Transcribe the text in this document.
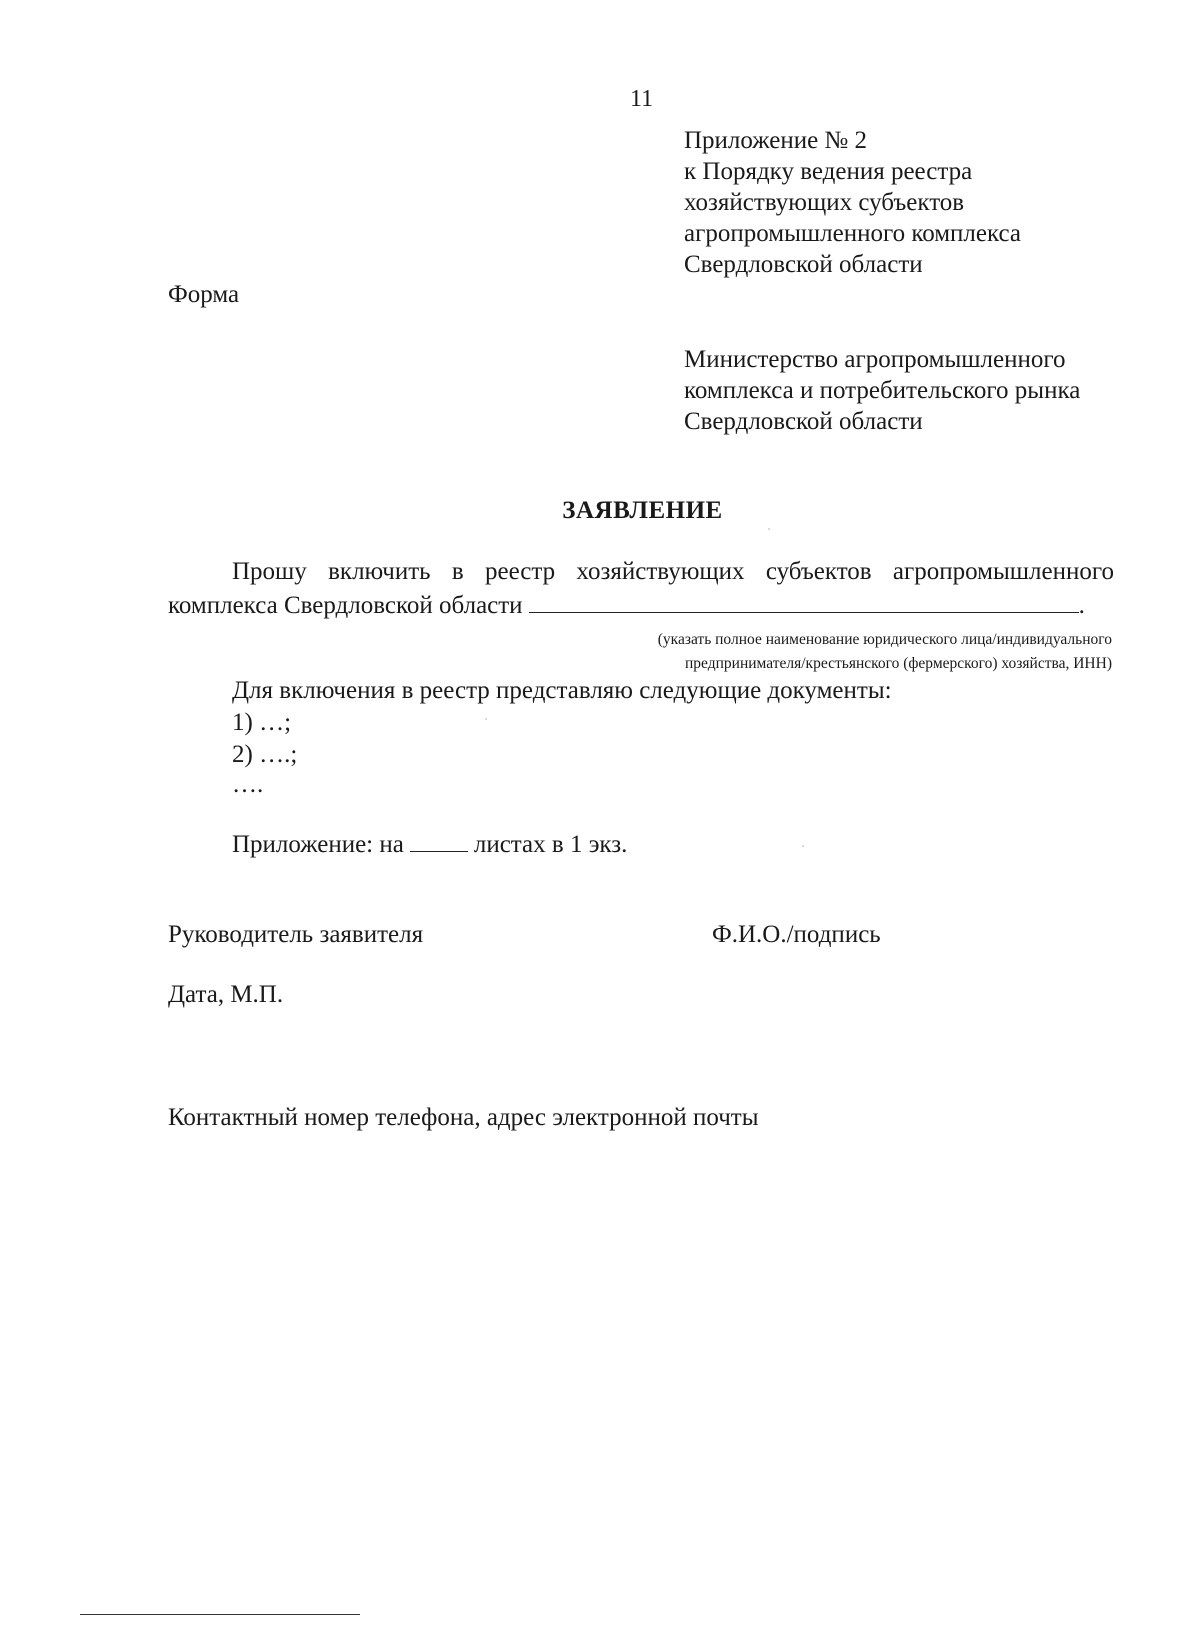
11
Приложение № 2
к Порядку ведения реестра
хозяйствующих субъектов
агропромышленного комплекса
Свердловской области
Форма
Министерство агропромышленного
комплекса и потребительского рынка
Свердловской области
ЗАЯВЛЕНИЕ
Прошу включить в реестр хозяйствующих субъектов агропромышленного
комплекса Свердловской области	.
(указать полное наименование юридического лица/индивидуального
предпринимателя/крестьянского (фермерского) хозяйства, ИНН)
Для включения в реестр представляю следующие документы:
1) …;
2) ….;
….
Приложение: на	листах в 1 экз.
Руководитель заявителя	Ф.И.О./подпись
Дата, М.П.
Контактный номер телефона, адрес электронной почты
